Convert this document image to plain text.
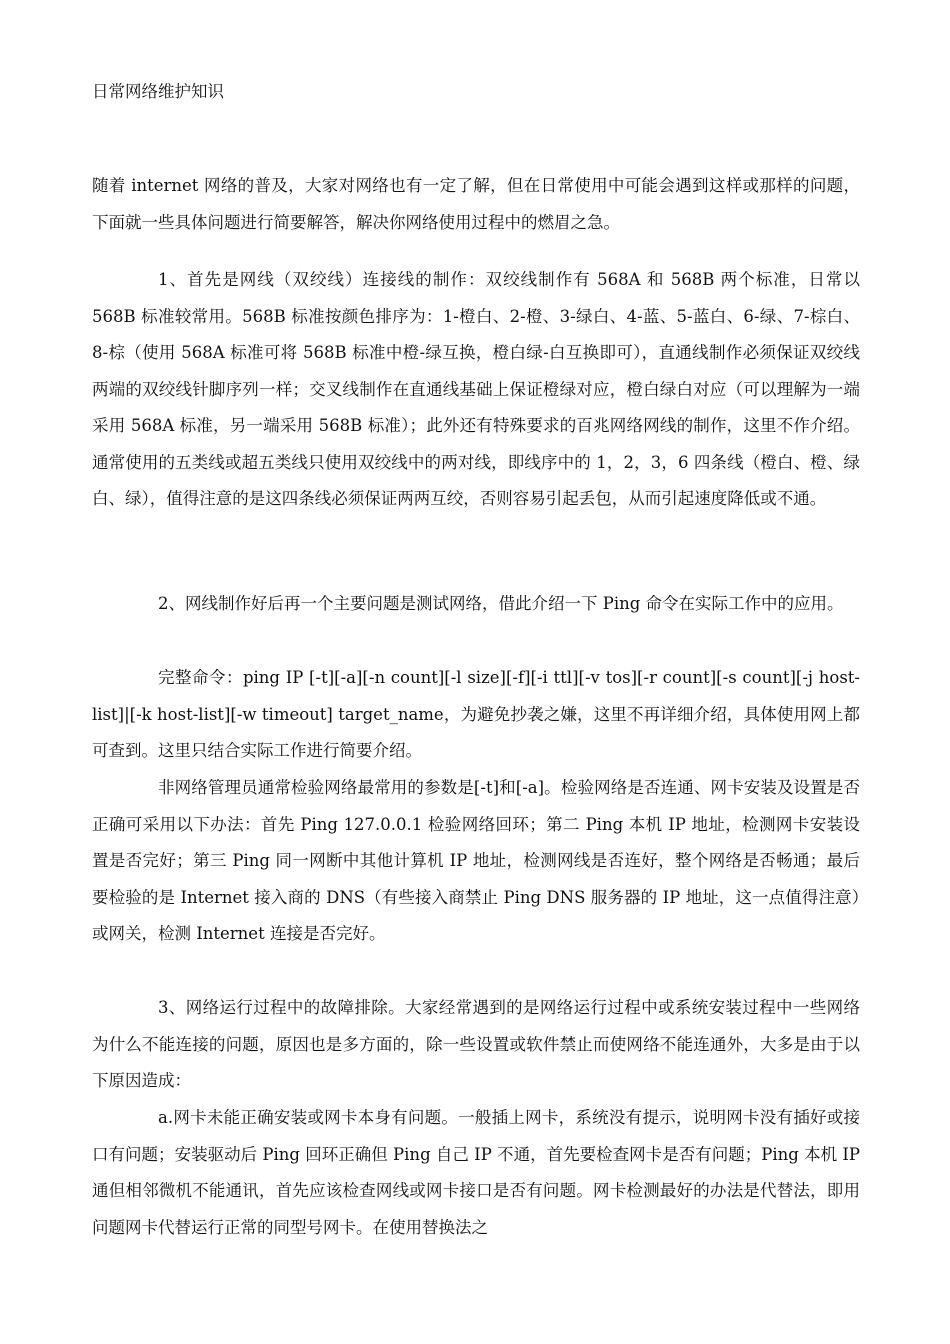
日常网络维护知识

随着 internet 网络的普及，大家对网络也有一定了解，但在日常使用中可能会遇到这样或那样的问题，下面就一些具体问题进行简要解答，解决你网络使用过程中的燃眉之急。

1、首先是网线（双绞线）连接线的制作：双绞线制作有 568A 和 568B 两个标准，日常以 568B 标准较常用。568B 标准按颜色排序为：1-橙白、2-橙、3-绿白、4-蓝、5-蓝白、6-绿、7-棕白、8-棕（使用 568A 标准可将 568B 标准中橙-绿互换，橙白绿-白互换即可），直通线制作必须保证双绞线两端的双绞线针脚序列一样；交叉线制作在直通线基础上保证橙绿对应，橙白绿白对应（可以理解为一端采用 568A 标准，另一端采用 568B 标准）；此外还有特殊要求的百兆网络网线的制作，这里不作介绍。通常使用的五类线或超五类线只使用双绞线中的两对线，即线序中的 1，2，3，6 四条线（橙白、橙、绿白、绿），值得注意的是这四条线必须保证两两互绞，否则容易引起丢包，从而引起速度降低或不通。

2、网线制作好后再一个主要问题是测试网络，借此介绍一下 Ping 命令在实际工作中的应用。

完整命令：ping IP [-t][-a][-n count][-l size][-f][-i ttl][-v tos][-r count][-s count][-j host-list]|[-k host-list][-w timeout] target_name，为避免抄袭之嫌，这里不再详细介绍，具体使用网上都可查到。这里只结合实际工作进行简要介绍。

非网络管理员通常检验网络最常用的参数是[-t]和[-a]。检验网络是否连通、网卡安装及设置是否正确可采用以下办法：首先 Ping 127.0.0.1 检验网络回环；第二 Ping 本机 IP 地址，检测网卡安装设置是否完好；第三 Ping 同一网断中其他计算机 IP 地址，检测网线是否连好，整个网络是否畅通；最后要检验的是 Internet 接入商的 DNS（有些接入商禁止 Ping DNS 服务器的 IP 地址，这一点值得注意）或网关，检测 Internet 连接是否完好。

3、网络运行过程中的故障排除。大家经常遇到的是网络运行过程中或系统安装过程中一些网络为什么不能连接的问题，原因也是多方面的，除一些设置或软件禁止而使网络不能连通外，大多是由于以下原因造成：

a.网卡未能正确安装或网卡本身有问题。一般插上网卡，系统没有提示，说明网卡没有插好或接口有问题；安装驱动后 Ping 回环正确但 Ping 自己 IP 不通，首先要检查网卡是否有问题；Ping 本机 IP 通但相邻微机不能通讯，首先应该检查网线或网卡接口是否有问题。网卡检测最好的办法是代替法，即用问题网卡代替运行正常的同型号网卡。在使用替换法之
